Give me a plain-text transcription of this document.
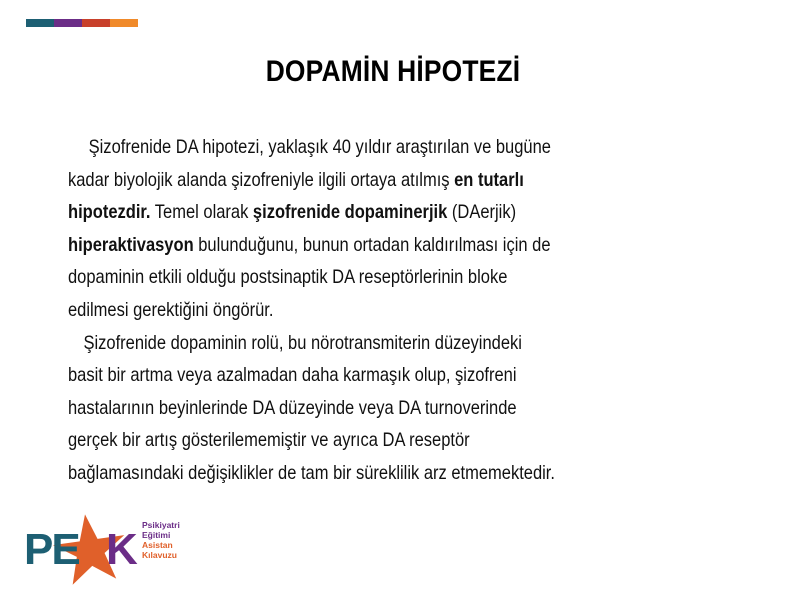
DOPAMİN HİPOTEZİ
Şizofrenide DA hipotezi, yaklaşık 40 yıldır araştırılan ve bugüne
kadar biyolojik alanda şizofreniyle ilgili ortaya atılmış en tutarlı
hipotezdir. Temel olarak şizofrenide dopaminerjik (DAerjik)
hiperaktivasyon bulunduğunu, bunun ortadan kaldırılması için de
dopaminin etkili olduğu postsinaptik DA reseptörlerinin bloke
edilmesi gerektiğini öngörür.
Şizofrenide dopaminin rolü, bu nörotransmiterin düzeyindeki
basit bir artma veya azalmadan daha karmaşık olup, şizofreni
hastalarının beyinlerinde DA düzeyinde veya DA turnoverinde
gerçek bir artış gösterilememiştir ve ayrıca DA reseptör
bağlamasındaki değişiklikler de tam bir süreklilik arz etmemektedir.
PE K Psikiyatri
Eğitimi
Asistan
Kılavuzu
